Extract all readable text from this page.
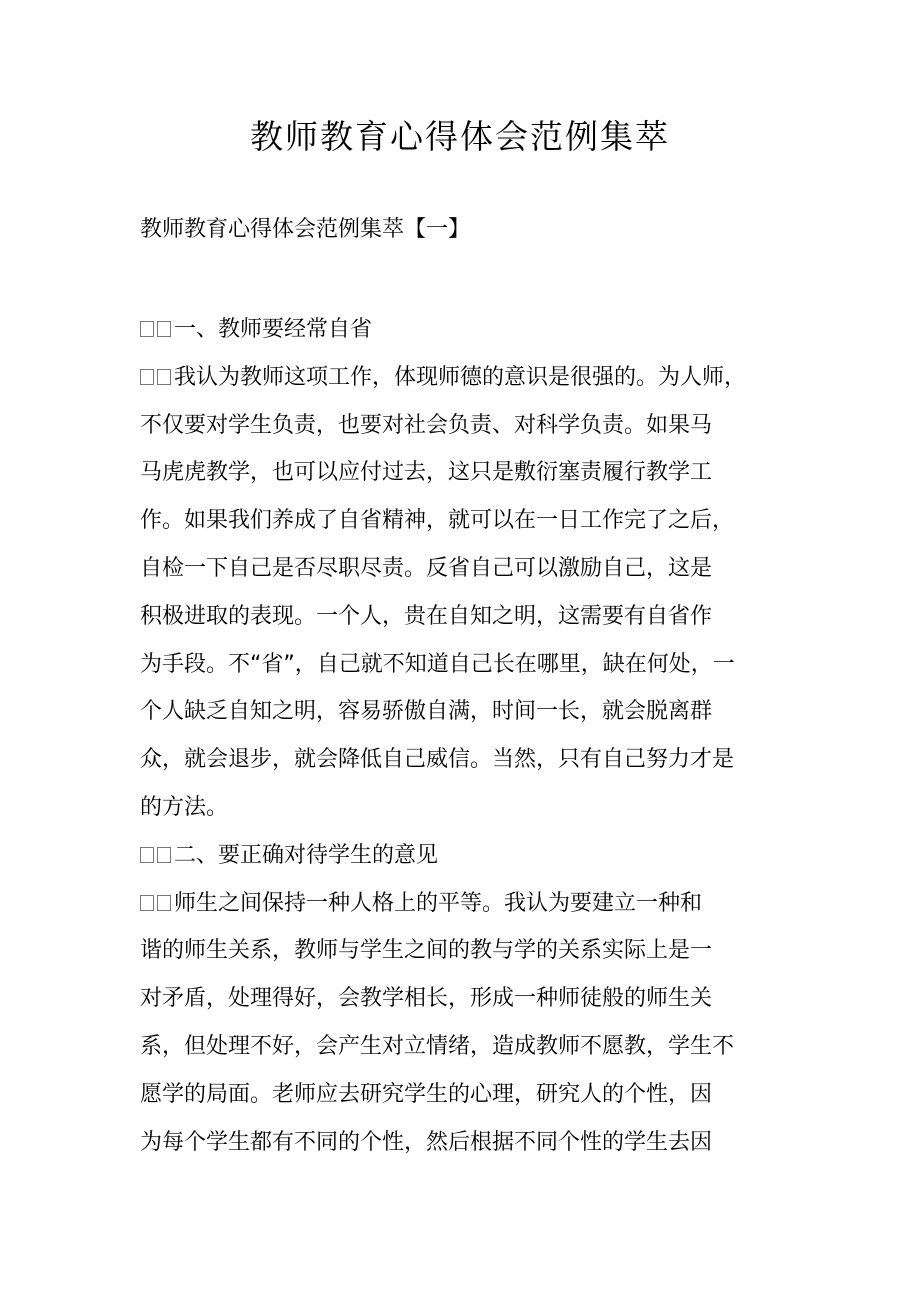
教师教育心得体会范例集萃
教师教育心得体会范例集萃【一】
一、教师要经常自省
我认为教师这项工作，体现师德的意识是很强的。为人师，
不仅要对学生负责，也要对社会负责、对科学负责。如果马
马虎虎教学，也可以应付过去，这只是敷衍塞责履行教学工
作。如果我们养成了自省精神，就可以在一日工作完了之后，
自检一下自己是否尽职尽责。反省自己可以激励自己，这是
积极进取的表现。一个人，贵在自知之明，这需要有自省作
为手段。不“省”，自己就不知道自己长在哪里，缺在何处，一
个人缺乏自知之明，容易骄傲自满，时间一长，就会脱离群
众，就会退步，就会降低自己威信。当然，只有自己努力才是
的方法。
二、要正确对待学生的意见
师生之间保持一种人格上的平等。我认为要建立一种和
谐的师生关系，教师与学生之间的教与学的关系实际上是一
对矛盾，处理得好，会教学相长，形成一种师徒般的师生关
系，但处理不好，会产生对立情绪，造成教师不愿教，学生不
愿学的局面。老师应去研究学生的心理，研究人的个性，因
为每个学生都有不同的个性，然后根据不同个性的学生去因
